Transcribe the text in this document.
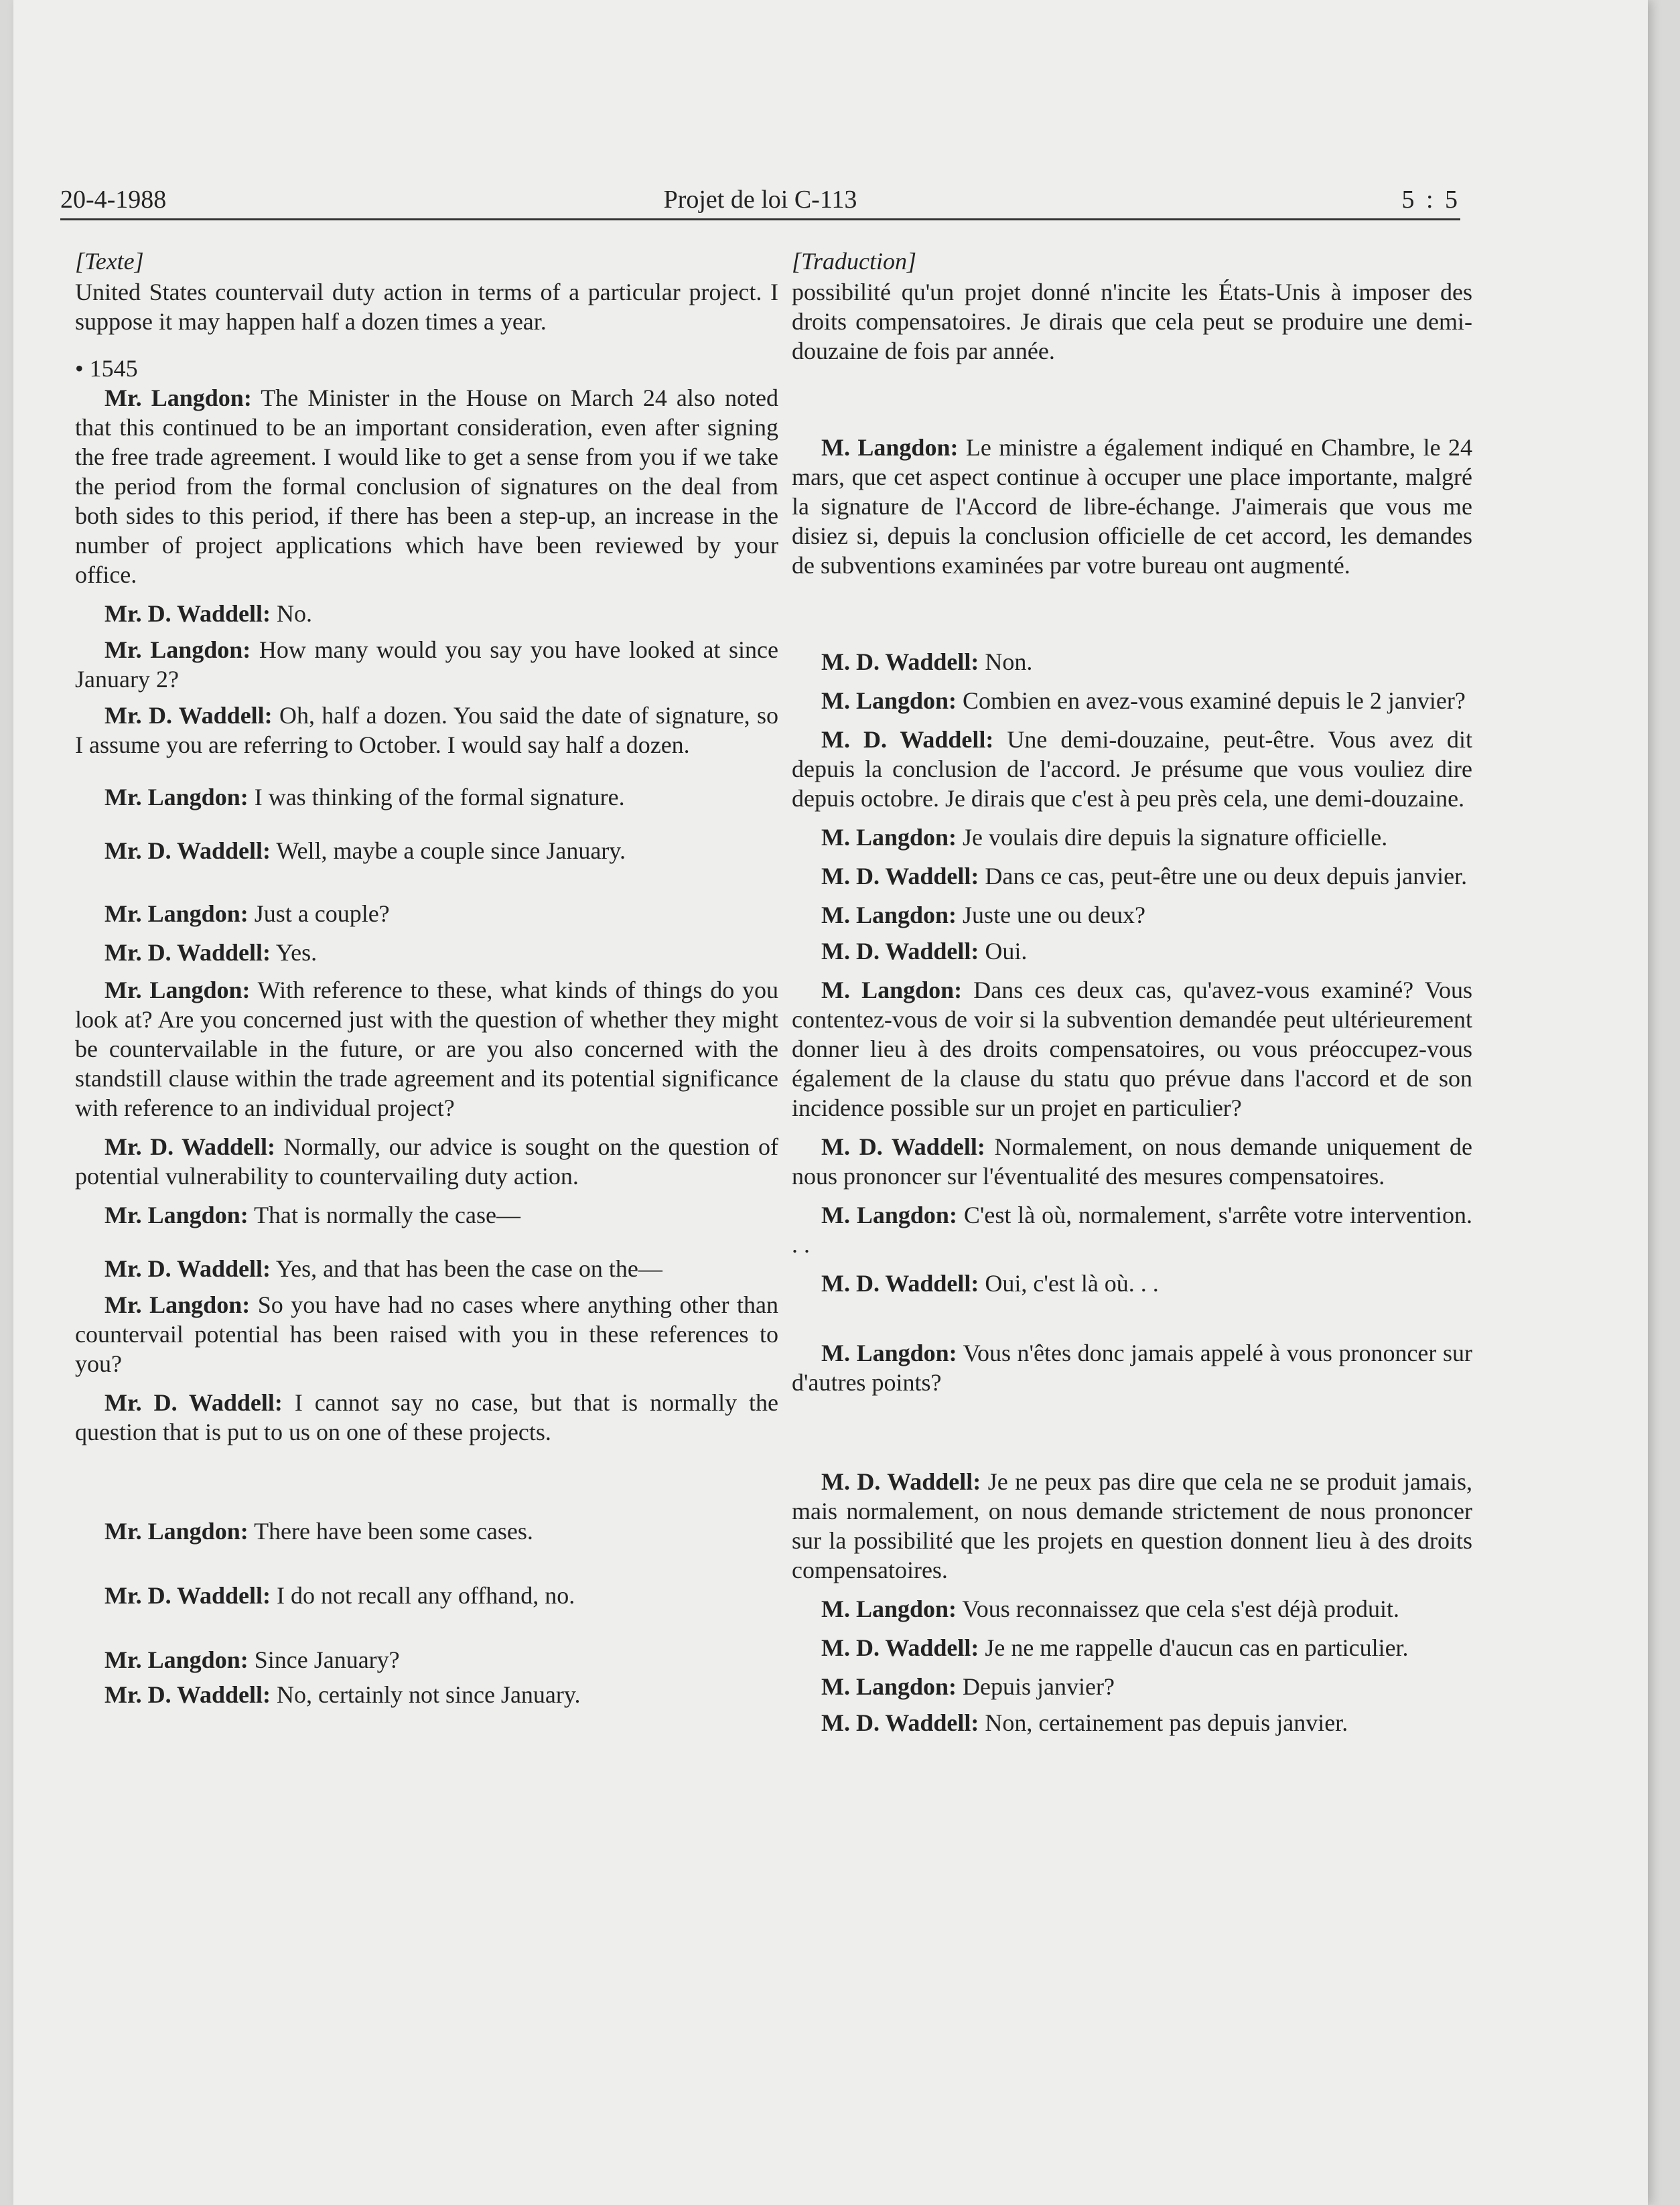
20-4-1988	Projet de loi C-113	5 : 5
[Texte]

United States countervail duty action in terms of a particular project. I suppose it may happen half a dozen times a year.

• 1545

Mr. Langdon: The Minister in the House on March 24 also noted that this continued to be an important consideration, even after signing the free trade agreement. I would like to get a sense from you if we take the period from the formal conclusion of signatures on the deal from both sides to this period, if there has been a step-up, an increase in the number of project applications which have been reviewed by your office.

Mr. D. Waddell: No.

Mr. Langdon: How many would you say you have looked at since January 2?

Mr. D. Waddell: Oh, half a dozen. You said the date of signature, so I assume you are referring to October. I would say half a dozen.

Mr. Langdon: I was thinking of the formal signature.

Mr. D. Waddell: Well, maybe a couple since January.

Mr. Langdon: Just a couple?

Mr. D. Waddell: Yes.

Mr. Langdon: With reference to these, what kinds of things do you look at? Are you concerned just with the question of whether they might be countervailable in the future, or are you also concerned with the standstill clause within the trade agreement and its potential significance with reference to an individual project?

Mr. D. Waddell: Normally, our advice is sought on the question of potential vulnerability to countervailing duty action.

Mr. Langdon: That is normally the case—

Mr. D. Waddell: Yes, and that has been the case on the—

Mr. Langdon: So you have had no cases where anything other than countervail potential has been raised with you in these references to you?

Mr. D. Waddell: I cannot say no case, but that is normally the question that is put to us on one of these projects.

Mr. Langdon: There have been some cases.

Mr. D. Waddell: I do not recall any offhand, no.

Mr. Langdon: Since January?

Mr. D. Waddell: No, certainly not since January.

[Traduction]

possibilité qu'un projet donné n'incite les États-Unis à imposer des droits compensatoires. Je dirais que cela peut se produire une demi-douzaine de fois par année.

M. Langdon: Le ministre a également indiqué en Chambre, le 24 mars, que cet aspect continue à occuper une place importante, malgré la signature de l'Accord de libre-échange. J'aimerais que vous me disiez si, depuis la conclusion officielle de cet accord, les demandes de subventions examinées par votre bureau ont augmenté.

M. D. Waddell: Non.

M. Langdon: Combien en avez-vous examiné depuis le 2 janvier?

M. D. Waddell: Une demi-douzaine, peut-être. Vous avez dit depuis la conclusion de l'accord. Je présume que vous vouliez dire depuis octobre. Je dirais que c'est à peu près cela, une demi-douzaine.

M. Langdon: Je voulais dire depuis la signature officielle.

M. D. Waddell: Dans ce cas, peut-être une ou deux depuis janvier.

M. Langdon: Juste une ou deux?

M. D. Waddell: Oui.

M. Langdon: Dans ces deux cas, qu'avez-vous examiné? Vous contentez-vous de voir si la subvention demandée peut ultérieurement donner lieu à des droits compensatoires, ou vous préoccupez-vous également de la clause du statu quo prévue dans l'accord et de son incidence possible sur un projet en particulier?

M. D. Waddell: Normalement, on nous demande uniquement de nous prononcer sur l'éventualité des mesures compensatoires.

M. Langdon: C'est là où, normalement, s'arrête votre intervention. . .

M. D. Waddell: Oui, c'est là où. . .

M. Langdon: Vous n'êtes donc jamais appelé à vous prononcer sur d'autres points?

M. D. Waddell: Je ne peux pas dire que cela ne se produit jamais, mais normalement, on nous demande strictement de nous prononcer sur la possibilité que les projets en question donnent lieu à des droits compensatoires.

M. Langdon: Vous reconnaissez que cela s'est déjà produit.

M. D. Waddell: Je ne me rappelle d'aucun cas en particulier.

M. Langdon: Depuis janvier?

M. D. Waddell: Non, certainement pas depuis janvier.
